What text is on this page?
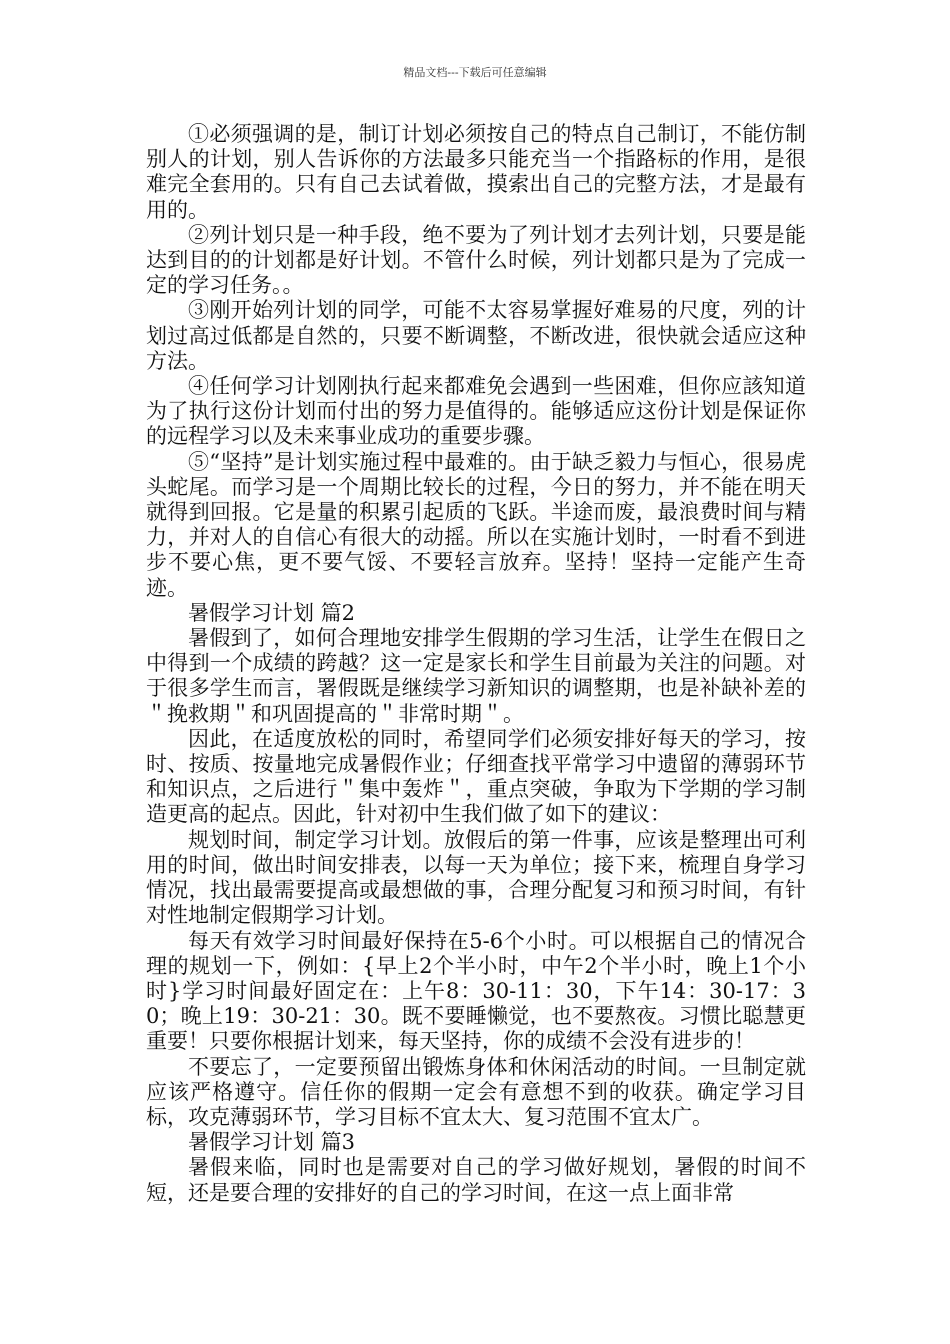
精品文档---下载后可任意编辑

①必须强调的是，制订计划必须按自己的特点自己制订，不能仿制别人的计划，别人告诉你的方法最多只能充当一个指路标的作用，是很难完全套用的。只有自己去试着做，摸索出自己的完整方法，才是最有用的。

②列计划只是一种手段，绝不要为了列计划才去列计划，只要是能达到目的的计划都是好计划。不管什么时候，列计划都只是为了完成一定的学习任务。。

③刚开始列计划的同学，可能不太容易掌握好难易的尺度，列的计划过高过低都是自然的，只要不断调整，不断改进，很快就会适应这种方法。

④任何学习计划刚执行起来都难免会遇到一些困难，但你应該知道为了执行这份计划而付出的努力是值得的。能够适应这份计划是保证你的远程学习以及未来事业成功的重要步骤。

⑤“坚持”是计划实施过程中最难的。由于缺乏毅力与恒心，很易虎头蛇尾。而学习是一个周期比较长的过程，今日的努力，并不能在明天就得到回报。它是量的积累引起质的飞跃。半途而废，最浪费时间与精力，并对人的自信心有很大的动摇。所以在实施计划时，一时看不到进步不要心焦，更不要气馁、不要轻言放弃。坚持！坚持一定能产生奇迹。

暑假学习计划 篇2

暑假到了，如何合理地安排学生假期的学习生活，让学生在假日之中得到一个成绩的跨越？这一定是家长和学生目前最为关注的问题。对于很多学生而言，署假既是继续学习新知识的调整期，也是补缺补差的＂挽救期＂和巩固提高的＂非常时期＂。

因此，在适度放松的同时，希望同学们必须安排好每天的学习，按时、按质、按量地完成暑假作业；仔细查找平常学习中遗留的薄弱环节和知识点，之后进行＂集中轰炸＂，重点突破，争取为下学期的学习制造更高的起点。因此，针对初中生我们做了如下的建议：

规划时间，制定学习计划。放假后的第一件事，应该是整理出可利用的时间，做出时间安排表，以每一天为单位；接下来，梳理自身学习情况，找出最需要提高或最想做的事，合理分配复习和预习时间，有针对性地制定假期学习计划。

每天有效学习时间最好保持在5-6个小时。可以根据自己的情况合理的规划一下，例如：{早上2个半小时，中午2个半小时，晚上1个小时}学习时间最好固定在：上午8：30-11：30，下午14：30-17：30；晚上19：30-21：30。既不要睡懒觉，也不要熬夜。习惯比聪慧更重要！只要你根据计划来，每天坚持，你的成绩不会没有进步的！

不要忘了，一定要预留出锻炼身体和休闲活动的时间。一旦制定就应该严格遵守。信任你的假期一定会有意想不到的收获。确定学习目标，攻克薄弱环节，学习目标不宜太大、复习范围不宜太广。

暑假学习计划 篇3

暑假来临，同时也是需要对自己的学习做好规划，暑假的时间不短，还是要合理的安排好的自己的学习时间，在这一点上面非常
